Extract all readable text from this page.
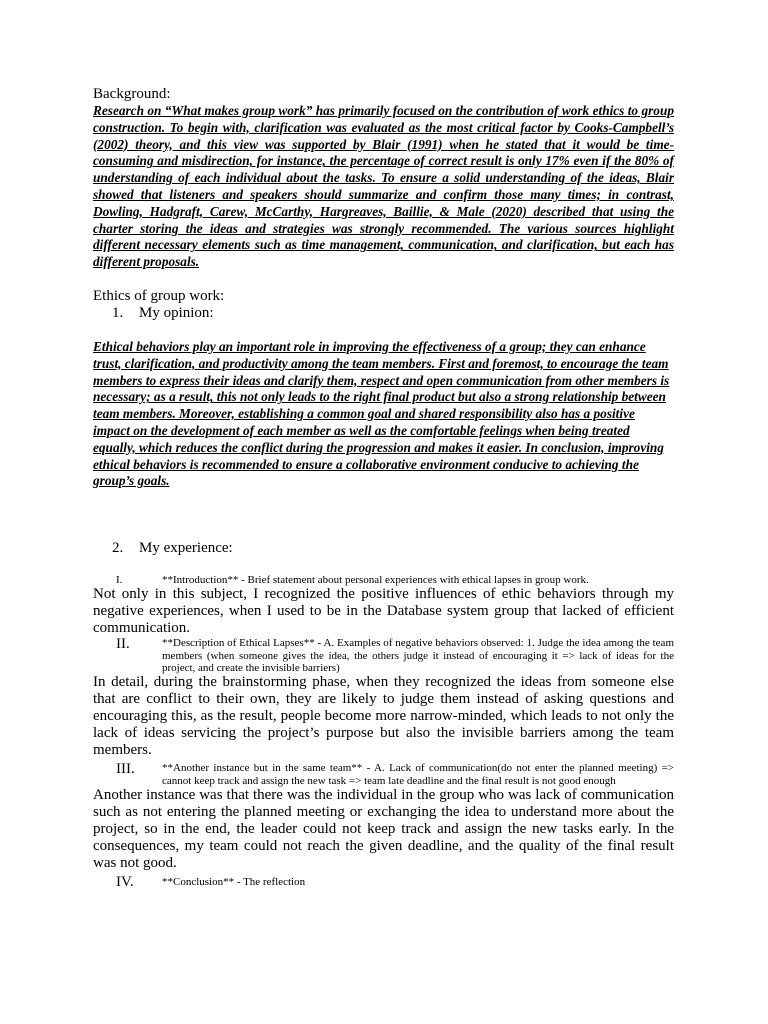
Background:

Research on “What makes group work” has primarily focused on the contribution of work ethics to group construction. To begin with, clarification was evaluated as the most critical factor by Cooks-Campbell’s (2002) theory, and this view was supported by Blair (1991) when he stated that it would be time-consuming and misdirection, for instance, the percentage of correct result is only 17% even if the 80% of understanding of each individual about the tasks. To ensure a solid understanding of the ideas, Blair showed that listeners and speakers should summarize and confirm those many times; in contrast, Dowling, Hadgraft, Carew, McCarthy, Hargreaves, Baillie, & Male (2020) described that using the charter storing the ideas and strategies was strongly recommended. The various sources highlight different necessary elements such as time management, communication, and clarification, but each has different proposals.

Ethics of group work:

1. My opinion:

Ethical behaviors play an important role in improving the effectiveness of a group; they can enhance trust, clarification, and productivity among the team members. First and foremost, to encourage the team members to express their ideas and clarify them, respect and open communication from other members is necessary; as a result, this not only leads to the right final product but also a strong relationship between team members. Moreover, establishing a common goal and shared responsibility also has a positive impact on the development of each member as well as the comfortable feelings when being treated equally, which reduces the conflict during the progression and makes it easier. In conclusion, improving ethical behaviors is recommended to ensure a collaborative environment conducive to achieving the group’s goals.

2. My experience:

I.	**Introduction** - Brief statement about personal experiences with ethical lapses in group work.

Not only in this subject, I recognized the positive influences of ethic behaviors through my negative experiences, when I used to be in the Database system group that lacked of efficient communication.

II.	**Description of Ethical Lapses** - A. Examples of negative behaviors observed: 1. Judge the idea among the team members (when someone gives the idea, the others judge it instead of encouraging it => lack of ideas for the project, and create the invisible barriers)

In detail, during the brainstorming phase, when they recognized the ideas from someone else that are conflict to their own, they are likely to judge them instead of asking questions and encouraging this, as the result, people become more narrow-minded, which leads to not only the lack of ideas servicing the project’s purpose but also the invisible barriers among the team members.

III.	**Another instance but in the same team** - A. Lack of communication(do not enter the planned meeting) => cannot keep track and assign the new task => team late deadline and the final result is not good enough

Another instance was that there was the individual in the group who was lack of communication such as not entering the planned meeting or exchanging the idea to understand more about the project, so in the end, the leader could not keep track and assign the new tasks early. In the consequences, my team could not reach the given deadline, and the quality of the final result was not good.

IV.	**Conclusion** - The reflection
